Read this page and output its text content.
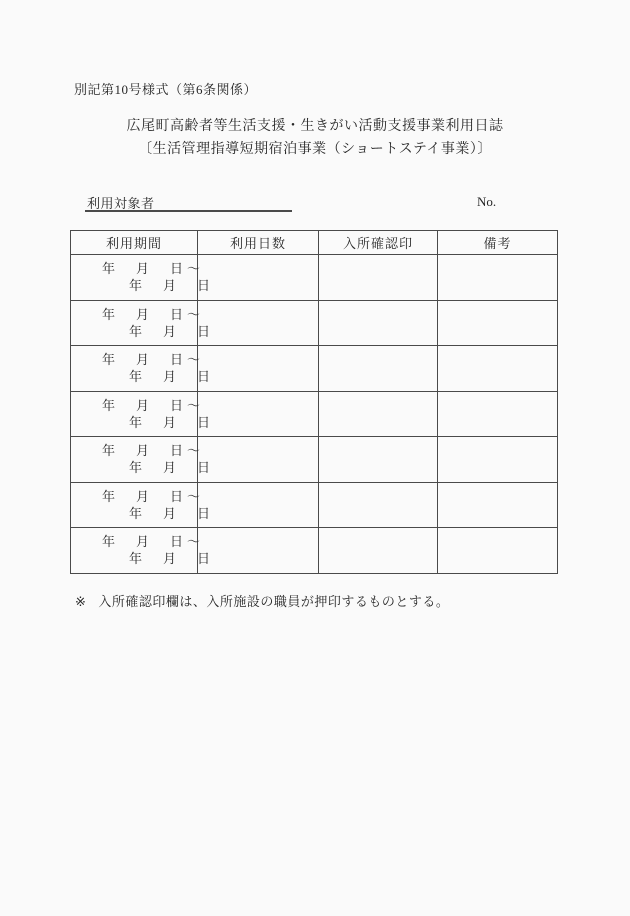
別記第10号様式（第6条関係）
広尾町高齢者等生活支援・生きがい活動支援事業利用日誌
〔生活管理指導短期宿泊事業（ショートステイ事業）〕
利用対象者	No.
利用期間	利用日数	入所確認印	備考

年　月　日～
年　月　日			

年　月　日～
年　月　日			

年　月　日～
年　月　日			

年　月　日～
年　月　日			

年　月　日～
年　月　日			

年　月　日～
年　月　日			

年　月　日～
年　月　日			

※ 入所確認印欄は、入所施設の職員が押印するものとする。
